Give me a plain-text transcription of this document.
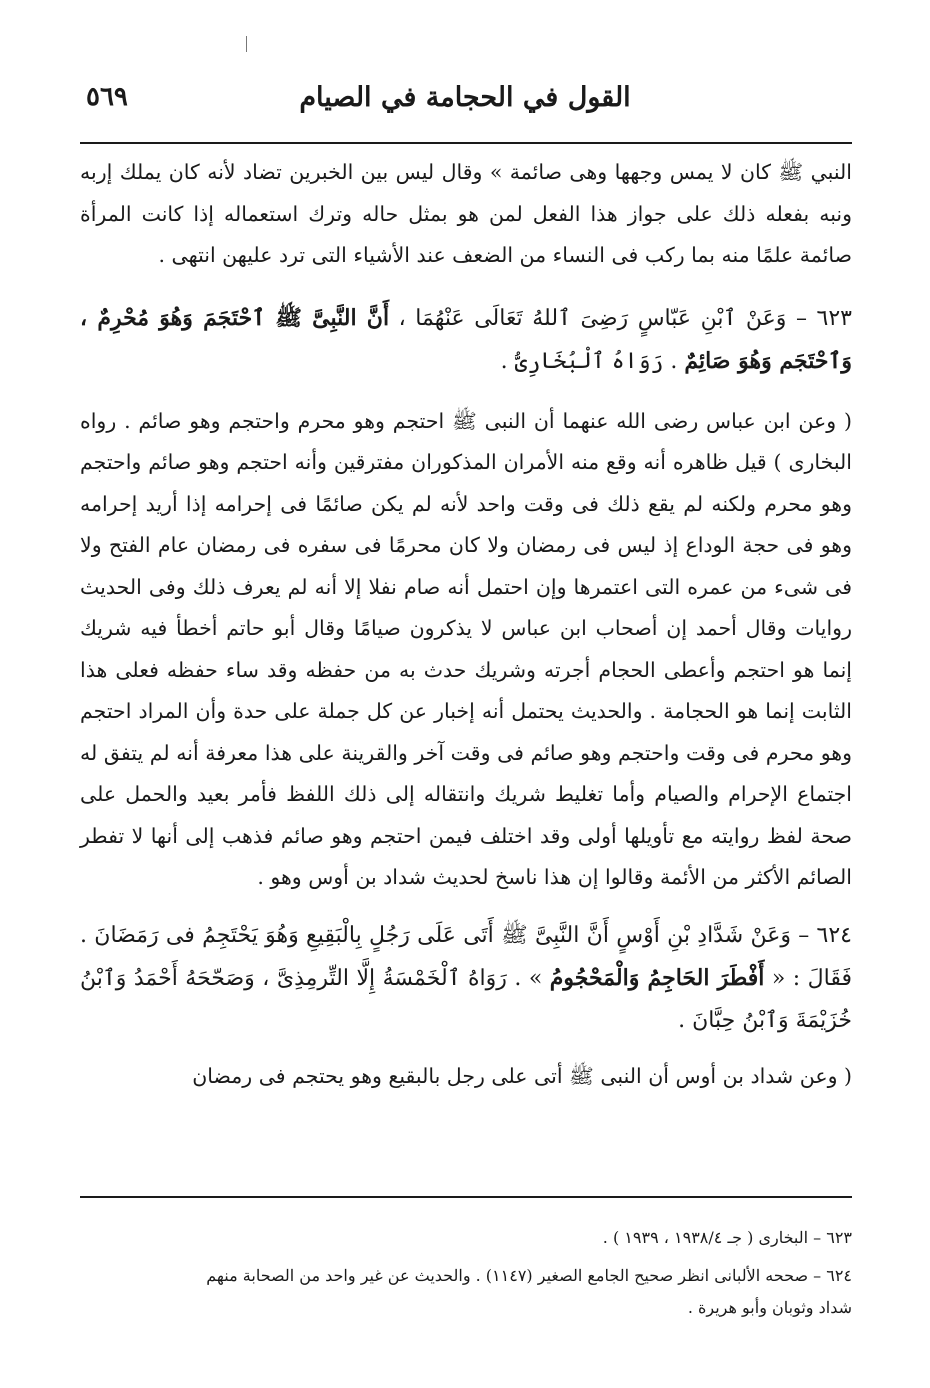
القول في الحجامة في الصيام
٥٦٩

النبي ﷺ كان لا يمس وجهها وهى صائمة » وقال ليس بين الخبرين تضاد لأنه كان يملك إربه ونبه بفعله ذلك على جواز هذا الفعل لمن هو بمثل حاله وترك استعماله إذا كانت المرأة صائمة علمًا منه بما ركب فى النساء من الضعف عند الأشياء التى ترد عليهن انتهى .

٦٢٣ – وَعَنْ ٱبْنِ عَبّاسٍ رَضِىَ ٱللهُ تَعَالَى عَنْهُمَا ، أَنَّ النَّبِىَّ ﷺ ٱحْتَجَمَ وَهُوَ مُحْرِمٌ ، وَٱحْتَجَم وَهُوَ صَائِمٌ . رَوَاهُ ٱلْبُخَارِىُّ .

( وعن ابن عباس رضى الله عنهما أن النبى ﷺ احتجم وهو محرم واحتجم وهو صائم . رواه البخارى ) قيل ظاهره أنه وقع منه الأمران المذكوران مفترقين وأنه احتجم وهو صائم واحتجم وهو محرم ولكنه لم يقع ذلك فى وقت واحد لأنه لم يكن صائمًا فى إحرامه إذا أريد إحرامه وهو فى حجة الوداع إذ ليس فى رمضان ولا كان محرمًا فى سفره فى رمضان عام الفتح ولا فى شىء من عمره التى اعتمرها وإن احتمل أنه صام نفلا إلا أنه لم يعرف ذلك وفى الحديث روايات وقال أحمد إن أصحاب ابن عباس لا يذكرون صيامًا وقال أبو حاتم أخطأ فيه شريك إنما هو احتجم وأعطى الحجام أجرته وشريك حدث به من حفظه وقد ساء حفظه فعلى هذا الثابت إنما هو الحجامة . والحديث يحتمل أنه إخبار عن كل جملة على حدة وأن المراد احتجم وهو محرم فى وقت واحتجم وهو صائم فى وقت آخر والقرينة على هذا معرفة أنه لم يتفق له اجتماع الإحرام والصيام وأما تغليط شريك وانتقاله إلى ذلك اللفظ فأمر بعيد والحمل على صحة لفظ روايته مع تأويلها أولى وقد اختلف فيمن احتجم وهو صائم فذهب إلى أنها لا تفطر الصائم الأكثر من الأئمة وقالوا إن هذا ناسخ لحديث شداد بن أوس وهو .

٦٢٤ – وَعَنْ شَدَّادِ بْنِ أَوْسٍ أَنَّ النَّبِىَّ ﷺ أَتَى عَلَى رَجُلٍ بِالْبَقِيعِ وَهُوَ يَحْتَجِمُ فى رَمَضَانَ . فَقَالَ : « أَفْطَرَ الحَاجِمُ وَالْمَحْجُومُ » . رَوَاهُ ٱلْخَمْسَةُ إِلَّا التِّرمِذِىَّ ، وَصَحّحَهُ أَحْمَدُ وَٱبْنُ خُزَيْمَةَ وَٱبْنُ حِبَّانَ .

( وعن شداد بن أوس أن النبى ﷺ أتى على رجل بالبقيع وهو يحتجم فى رمضان

٦٢٣ – البخارى ( جـ ١٩٣٨/٤ ، ١٩٣٩ ) .

٦٢٤ – صححه الألبانى انظر صحيح الجامع الصغير (١١٤٧) . والحديث عن غير واحد من الصحابة منهم

شداد وثوبان وأبو هريرة .
